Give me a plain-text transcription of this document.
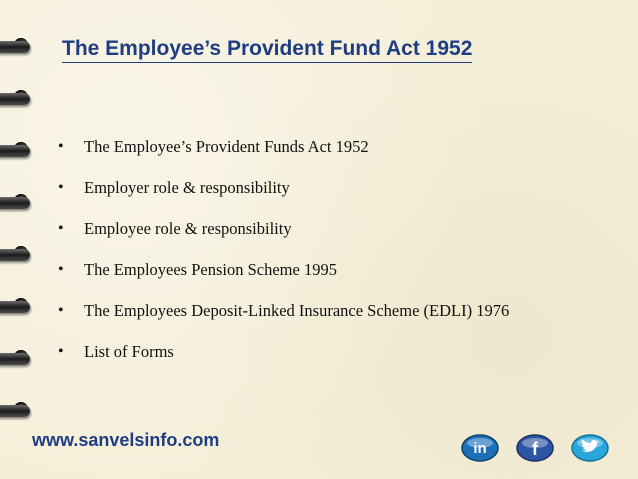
The Employee’s Provident Fund Act 1952
• The Employee’s Provident Funds Act 1952
• Employer role & responsibility
• Employee role & responsibility
• The Employees Pension Scheme 1995
• The Employees Deposit-Linked Insurance Scheme (EDLI) 1976
• List of Forms
www.sanvelsinfo.com	in	f
